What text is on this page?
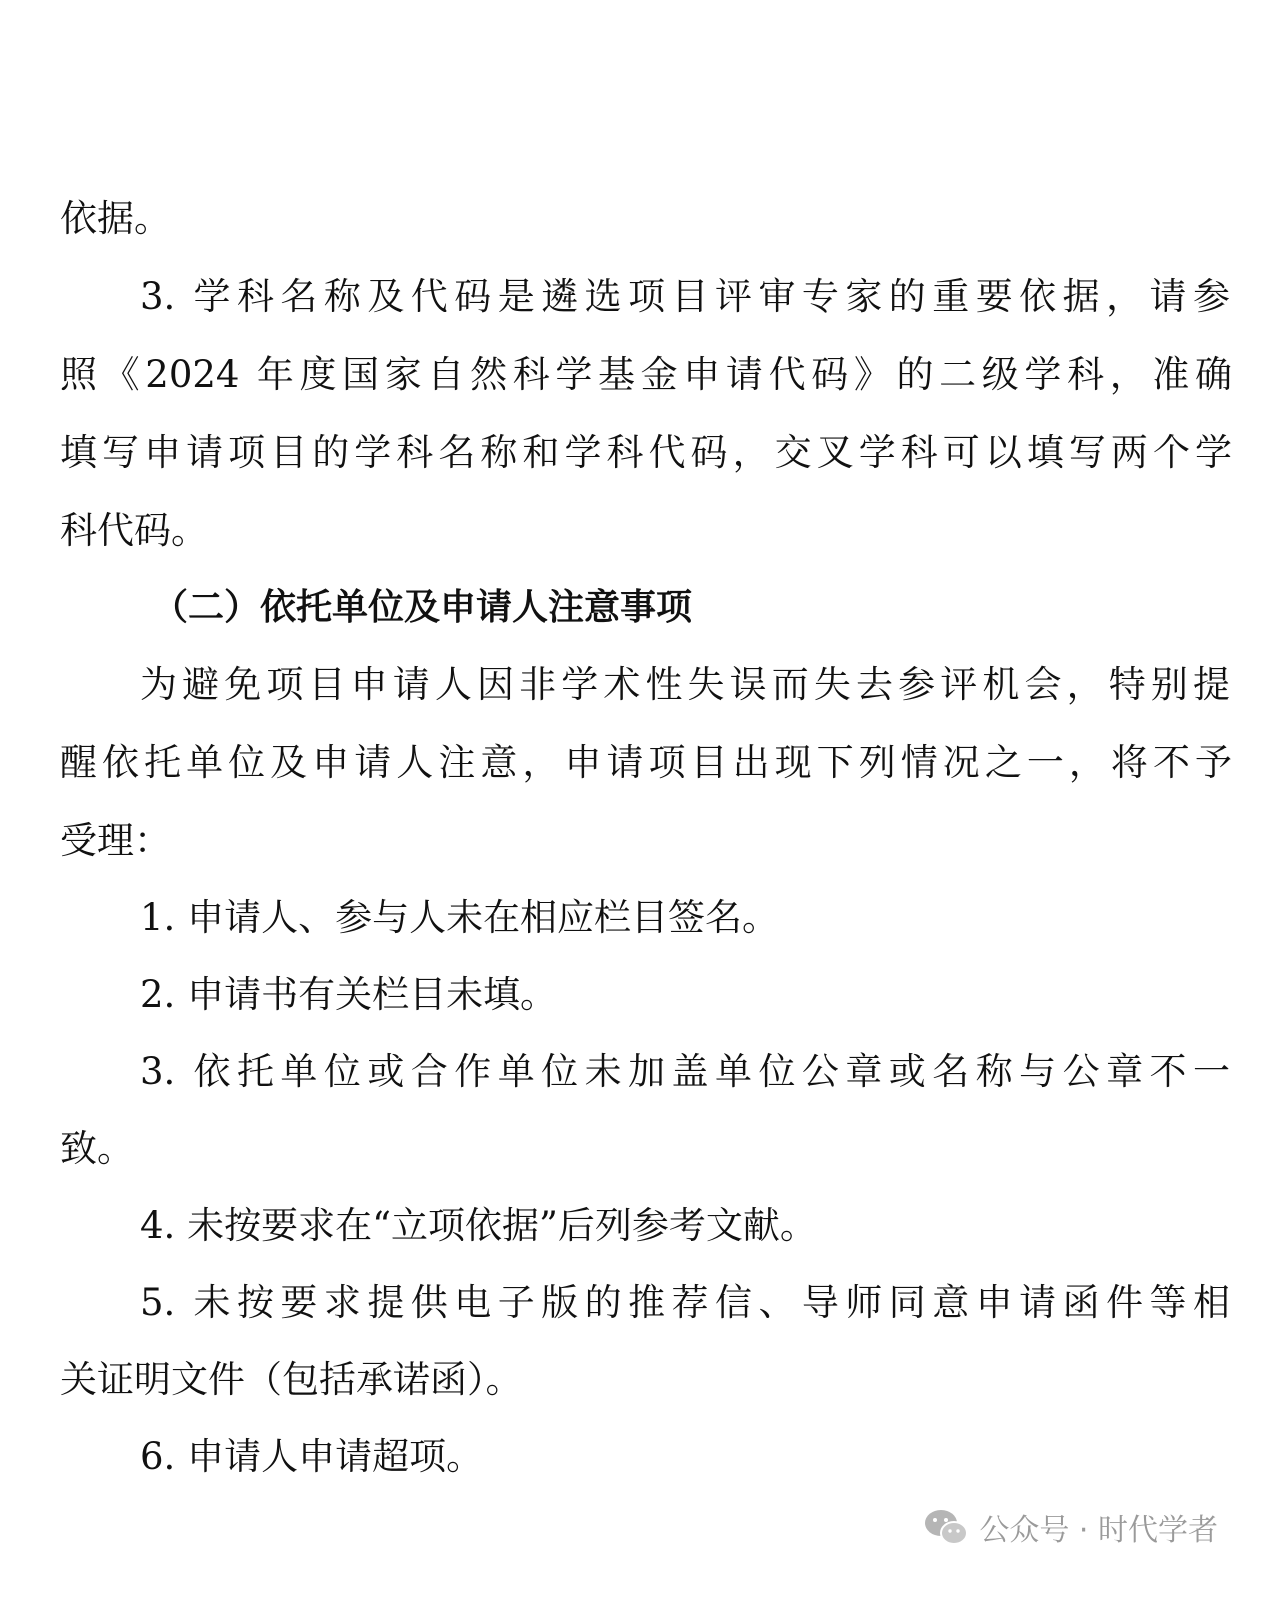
依据。
3. 学科名称及代码是遴选项目评审专家的重要依据，请参
照《2024 年度国家自然科学基金申请代码》的二级学科，准确
填写申请项目的学科名称和学科代码，交叉学科可以填写两个学
科代码。
（二）依托单位及申请人注意事项
为避免项目申请人因非学术性失误而失去参评机会，特别提
醒依托单位及申请人注意，申请项目出现下列情况之一，将不予
受理：
1. 申请人、参与人未在相应栏目签名。
2. 申请书有关栏目未填。
3. 依托单位或合作单位未加盖单位公章或名称与公章不一
致。
4. 未按要求在“立项依据”后列参考文献。
5. 未按要求提供电子版的推荐信、导师同意申请函件等相
关证明文件（包括承诺函）。
6. 申请人申请超项。
公众号 · 时代学者
